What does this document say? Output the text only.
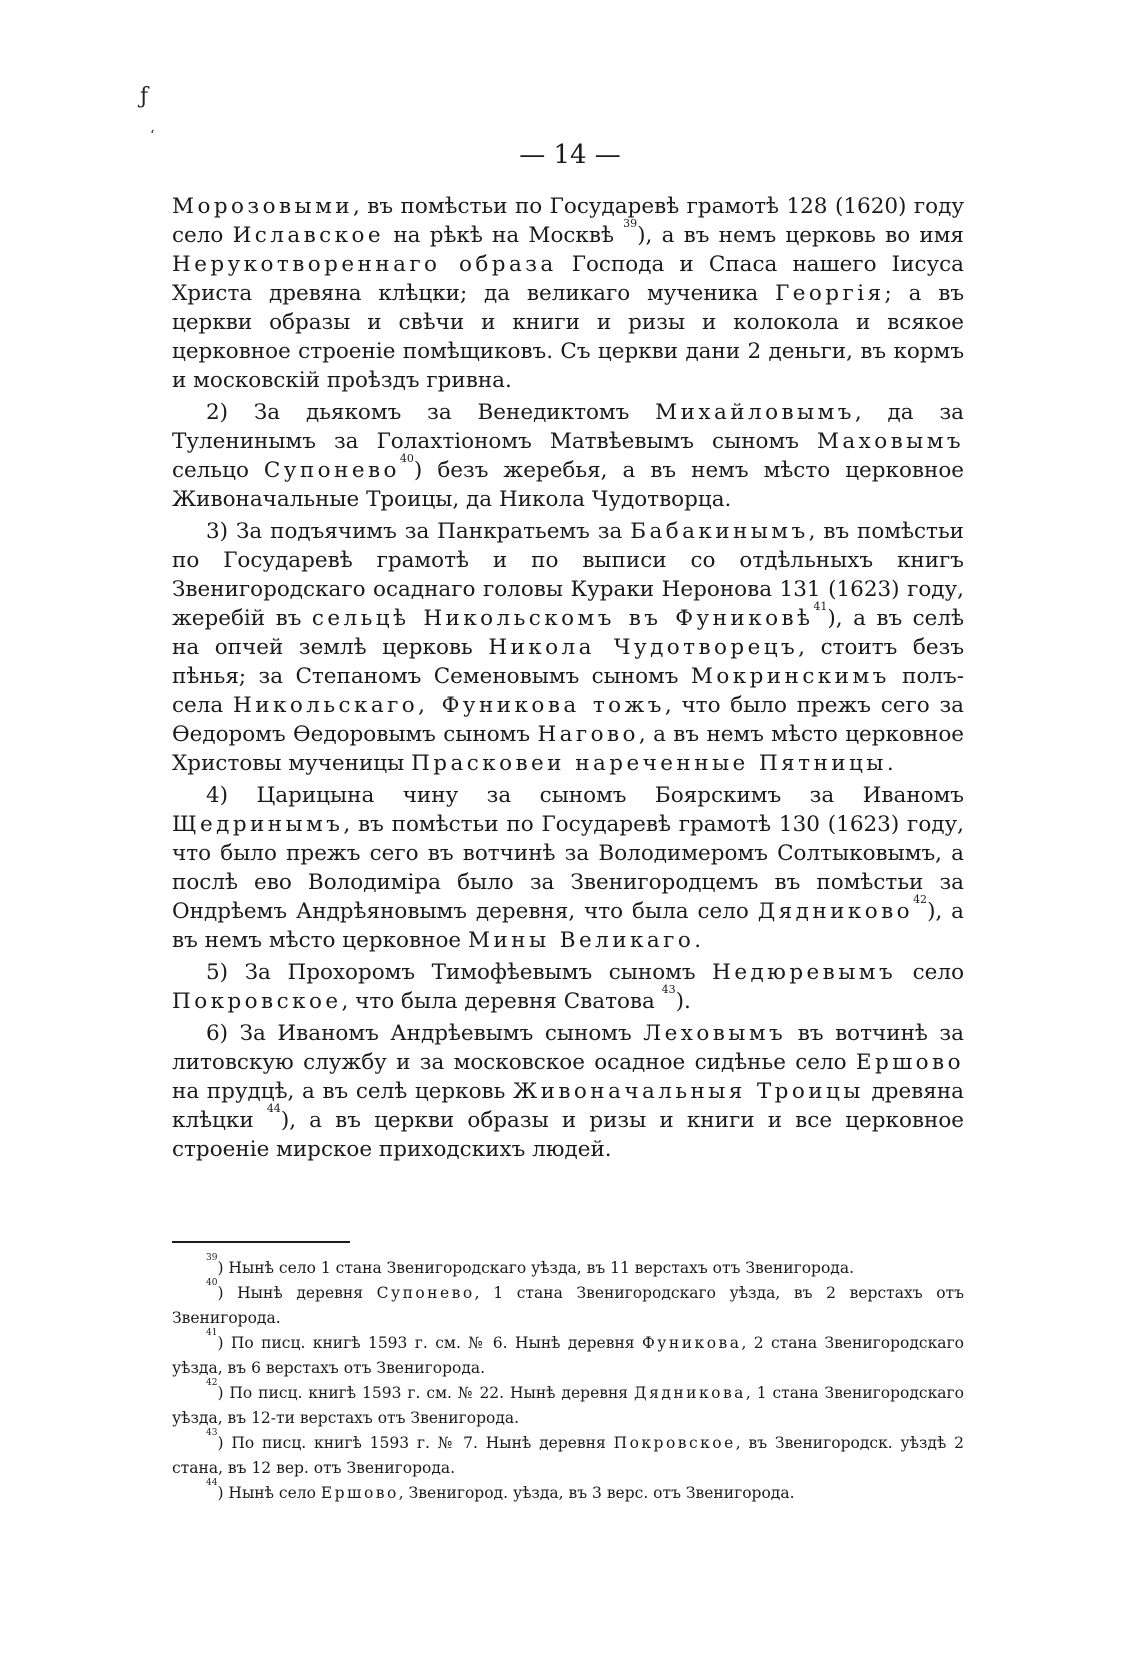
ƒ
‘
— 14 —

Морозовыми, въ помѣстьи по Государевѣ грамотѣ 128 (1620) году село Иславское на рѣкѣ на Москвѣ $^{39}$), а въ немъ церковь во имя Нерукотвореннаго образа Господа и Спаса нашего Іисуса Христа древяна клѣцки; да великаго мученика Георгія; а въ церкви образы и свѣчи и книги и ризы и колокола и всякое церковное строеніе помѣщиковъ. Съ церкви дани 2 деньги, въ кормъ и московскій проѣздъ гривна.

2) За дьякомъ за Венедиктомъ Михайловымъ, да за Туленинымъ за Голахтіономъ Матвѣевымъ сыномъ Маховымъ сельцо Супонево$^{40}$) безъ жеребья, а въ немъ мѣсто церковное Живоначальные Троицы, да Никола Чудотворца.

3) За подъячимъ за Панкратьемъ за Бабакинымъ, въ помѣстьи по Государевѣ грамотѣ и по выписи со отдѣльныхъ книгъ Звенигородскаго осаднаго головы Кураки Неронова 131 (1623) году, жеребій въ сельцѣ Никольскомъ въ Фуниковѣ$^{41}$), а въ селѣ на опчей землѣ церковь Никола Чудотворецъ, стоитъ безъ пѣнья; за Степаномъ Семеновымъ сыномъ Мокринскимъ полъ-села Никольскаго, Фуникова тожъ, что было прежъ сего за Ѳедоромъ Ѳедоровымъ сыномъ Нагово, а въ немъ мѣсто церковное Христовы мученицы Прасковеи нареченные Пятницы.

4) Царицына чину за сыномъ Боярскимъ за Иваномъ Щедринымъ, въ помѣстьи по Государевѣ грамотѣ 130 (1623) году, что было прежъ сего въ вотчинѣ за Володимеромъ Солтыковымъ, а послѣ ево Володиміра было за Звенигородцемъ въ помѣстьи за Ондрѣемъ Андрѣяновымъ деревня, что была село Дядниково$^{42}$), а въ немъ мѣсто церковное Мины Великаго.

5) За Прохоромъ Тимофѣевымъ сыномъ Недюревымъ село Покровское, что была деревня Сватова $^{43}$).

6) За Иваномъ Андрѣевымъ сыномъ Леховымъ въ вотчинѣ за литовскую службу и за московское осадное сидѣнье село Ершово на прудцѣ, а въ селѣ церковь Живоначальныя Троицы древяна клѣцки $^{44}$), а въ церкви образы и ризы и книги и все церковное строеніе мирское приходскихъ людей.

$^{39}$) Нынѣ село 1 стана Звенигородскаго уѣзда, въ 11 верстахъ отъ Звенигорода.

$^{40}$) Нынѣ деревня Супонево, 1 стана Звенигородскаго уѣзда, въ 2 верстахъ отъ Звенигорода.

$^{41}$) По писц. книгѣ 1593 г. см. № 6. Нынѣ деревня Фуникова, 2 стана Звенигородскаго уѣзда, въ 6 верстахъ отъ Звенигорода.

$^{42}$) По писц. книгѣ 1593 г. см. № 22. Нынѣ деревня Дядникова, 1 стана Звенигородскаго уѣзда, въ 12-ти верстахъ отъ Звенигорода.

$^{43}$) По писц. книгѣ 1593 г. № 7. Нынѣ деревня Покровское, въ Звенигородск. уѣздѣ 2 стана, въ 12 вер. отъ Звенигорода.

$^{44}$) Нынѣ село Ершово, Звенигород. уѣзда, въ 3 верс. отъ Звенигорода.
